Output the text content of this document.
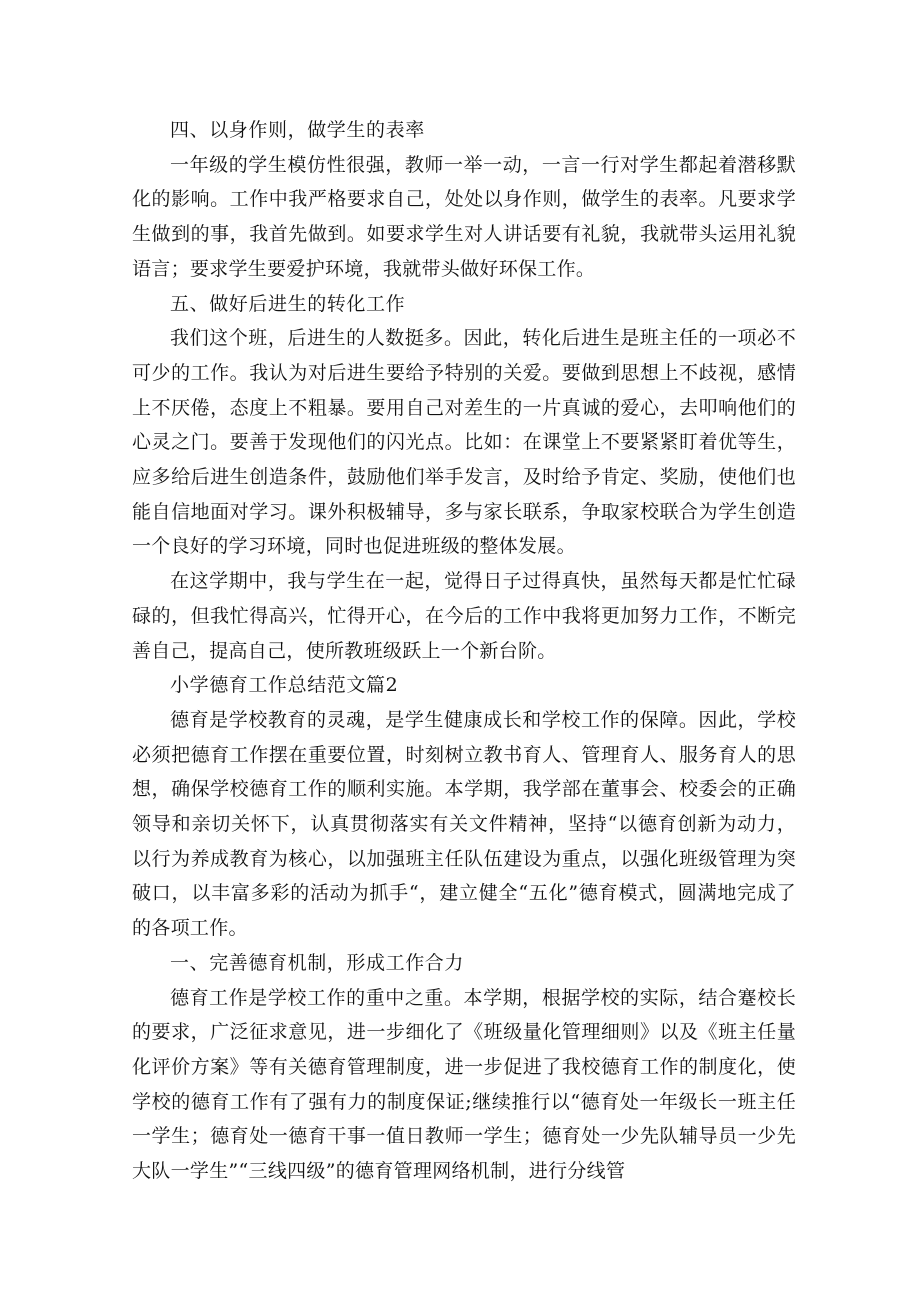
四、以身作则，做学生的表率

一年级的学生模仿性很强，教师一举一动，一言一行对学生都起着潜移默化的影响。工作中我严格要求自己，处处以身作则，做学生的表率。凡要求学生做到的事，我首先做到。如要求学生对人讲话要有礼貌，我就带头运用礼貌语言；要求学生要爱护环境，我就带头做好环保工作。

五、做好后进生的转化工作

我们这个班，后进生的人数挺多。因此，转化后进生是班主任的一项必不可少的工作。我认为对后进生要给予特别的关爱。要做到思想上不歧视，感情上不厌倦，态度上不粗暴。要用自己对差生的一片真诚的爱心，去叩响他们的心灵之门。要善于发现他们的闪光点。比如：在课堂上不要紧紧盯着优等生，应多给后进生创造条件，鼓励他们举手发言，及时给予肯定、奖励，使他们也能自信地面对学习。课外积极辅导，多与家长联系，争取家校联合为学生创造一个良好的学习环境，同时也促进班级的整体发展。

在这学期中，我与学生在一起，觉得日子过得真快，虽然每天都是忙忙碌碌的，但我忙得高兴，忙得开心，在今后的工作中我将更加努力工作，不断完善自己，提高自己，使所教班级跃上一个新台阶。

小学德育工作总结范文篇2

德育是学校教育的灵魂，是学生健康成长和学校工作的保障。因此，学校必须把德育工作摆在重要位置，时刻树立教书育人、管理育人、服务育人的思想，确保学校德育工作的顺利实施。本学期，我学部在董事会、校委会的正确领导和亲切关怀下，认真贯彻落实有关文件精神，坚持“以德育创新为动力，以行为养成教育为核心，以加强班主任队伍建设为重点，以强化班级管理为突破口，以丰富多彩的活动为抓手“，建立健全“五化”德育模式，圆满地完成了的各项工作。

一、完善德育机制，形成工作合力

德育工作是学校工作的重中之重。本学期，根据学校的实际，结合蹇校长的要求，广泛征求意见，进一步细化了《班级量化管理细则》以及《班主任量化评价方案》等有关德育管理制度，进一步促进了我校德育工作的制度化，使学校的德育工作有了强有力的制度保证;继续推行以“德育处一年级长一班主任一学生；德育处一德育干事一值日教师一学生；德育处一少先队辅导员一少先大队一学生”“三线四级”的德育管理网络机制，进行分线管
